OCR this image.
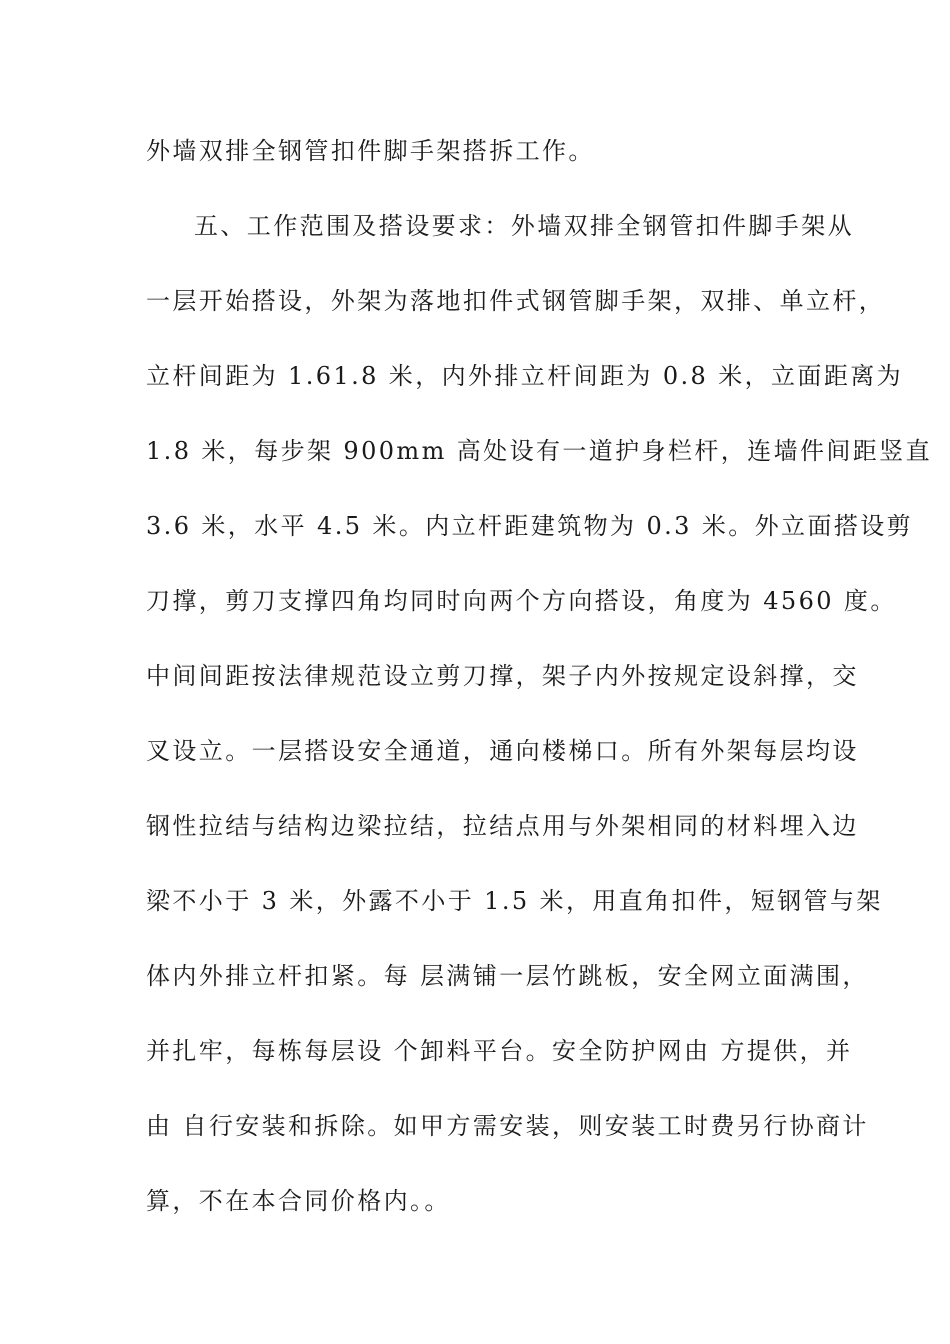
外墙双排全钢管扣件脚手架搭拆工作。
五、工作范围及搭设要求：外墙双排全钢管扣件脚手架从
一层开始搭设，外架为落地扣件式钢管脚手架，双排、单立杆，
立杆间距为 1.61.8 米，内外排立杆间距为 0.8 米，立面距离为
1.8 米，每步架 900mm 高处设有一道护身栏杆，连墙件间距竖直
3.6 米，水平 4.5 米。内立杆距建筑物为 0.3 米。外立面搭设剪
刀撑，剪刀支撑四角均同时向两个方向搭设，角度为 4560 度。
中间间距按法律规范设立剪刀撑，架子内外按规定设斜撑，交
叉设立。一层搭设安全通道，通向楼梯口。所有外架每层均设
钢性拉结与结构边梁拉结，拉结点用与外架相同的材料埋入边
梁不小于 3 米，外露不小于 1.5 米，用直角扣件，短钢管与架
体内外排立杆扣紧。每 层满铺一层竹跳板，安全网立面满围，
并扎牢，每栋每层设 个卸料平台。安全防护网由 方提供，并
由 自行安装和拆除。如甲方需安装，则安装工时费另行协商计
算，不在本合同价格内。。
